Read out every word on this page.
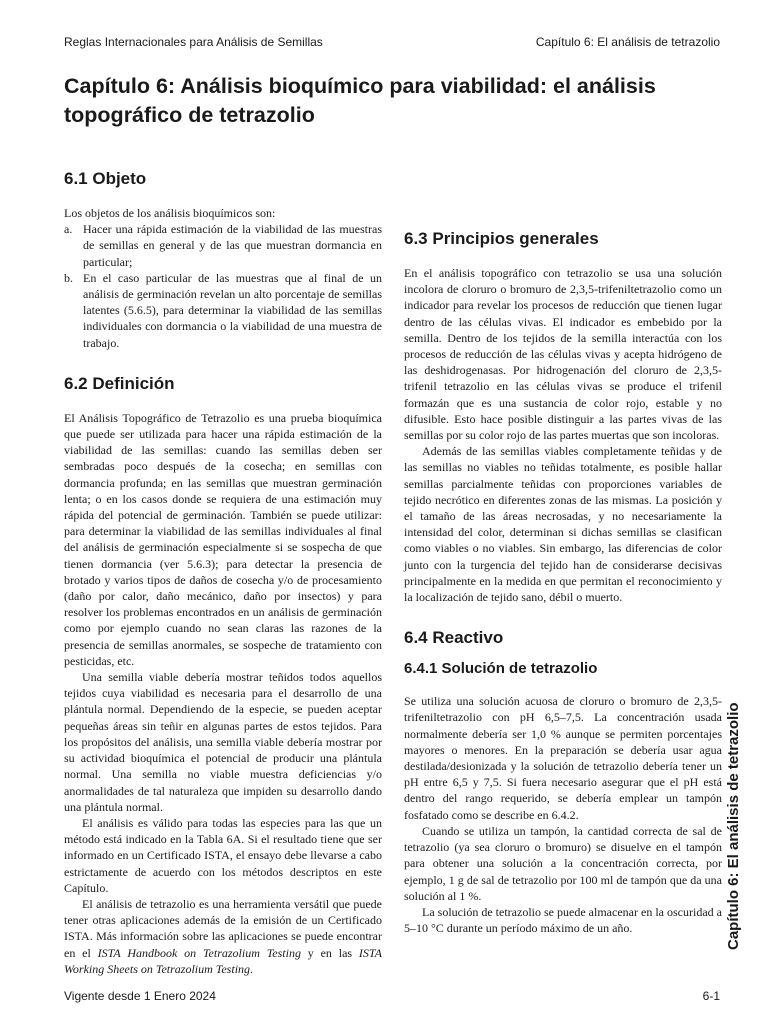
Reglas Internacionales para Análisis de Semillas	Capítulo 6: El análisis de tetrazolio
Capítulo 6: Análisis bioquímico para viabilidad: el análisis topográfico de tetrazolio
6.1 Objeto

Los objetos de los análisis bioquímicos son:

a. Hacer una rápida estimación de la viabilidad de las muestras de semillas en general y de las que muestran dormancia en particular;
b. En el caso particular de las muestras que al final de un análisis de germinación revelan un alto porcentaje de semillas latentes (5.6.5), para determinar la viabilidad de las semillas individuales con dormancia o la viabilidad de una muestra de trabajo.
6.2 Definición

El Análisis Topográfico de Tetrazolio es una prueba bioquímica que puede ser utilizada para hacer una rápida estimación de la viabilidad de las semillas: cuando las semillas deben ser sembradas poco después de la cosecha; en semillas con dormancia profunda; en las semillas que muestran germinación lenta; o en los casos donde se requiera de una estimación muy rápida del potencial de germinación. También se puede utilizar: para determinar la viabilidad de las semillas individuales al final del análisis de germinación especialmente si se sospecha de que tienen dormancia (ver 5.6.3); para detectar la presencia de brotado y varios tipos de daños de cosecha y/o de procesamiento (daño por calor, daño mecánico, daño por insectos) y para resolver los problemas encontrados en un análisis de germinación como por ejemplo cuando no sean claras las razones de la presencia de semillas anormales, se sospeche de tratamiento con pesticidas, etc.

Una semilla viable debería mostrar teñidos todos aquellos tejidos cuya viabilidad es necesaria para el desarrollo de una plántula normal. Dependiendo de la especie, se pueden aceptar pequeñas áreas sin teñir en algunas partes de estos tejidos. Para los propósitos del análisis, una semilla viable debería mostrar por su actividad bioquímica el potencial de producir una plántula normal. Una semilla no viable muestra deficiencias y/o anormalidades de tal naturaleza que impiden su desarrollo dando una plántula normal.

El análisis es válido para todas las especies para las que un método está indicado en la Tabla 6A. Si el resultado tiene que ser informado en un Certificado ISTA, el ensayo debe llevarse a cabo estrictamente de acuerdo con los métodos descriptos en este Capítulo.

El análisis de tetrazolio es una herramienta versátil que puede tener otras aplicaciones además de la emisión de un Certificado ISTA. Más información sobre las aplicaciones se puede encontrar en el ISTA Handbook on Tetrazolium Testing y en las ISTA Working Sheets on Tetrazolium Testing.

6.3 Principios generales

En el análisis topográfico con tetrazolio se usa una solución incolora de cloruro o bromuro de 2,3,5-trifeniltetrazolio como un indicador para revelar los procesos de reducción que tienen lugar dentro de las células vivas. El indicador es embebido por la semilla. Dentro de los tejidos de la semilla interactúa con los procesos de reducción de las células vivas y acepta hidrógeno de las deshidrogenasas. Por hidrogenación del cloruro de 2,3,5-trifenil tetrazolio en las células vivas se produce el trifenil formazán que es una sustancia de color rojo, estable y no difusible. Esto hace posible distinguir a las partes vivas de las semillas por su color rojo de las partes muertas que son incoloras.

Además de las semillas viables completamente teñidas y de las semillas no viables no teñidas totalmente, es posible hallar semillas parcialmente teñidas con proporciones variables de tejido necrótico en diferentes zonas de las mismas. La posición y el tamaño de las áreas necrosadas, y no necesariamente la intensidad del color, determinan si dichas semillas se clasifican como viables o no viables. Sin embargo, las diferencias de color junto con la turgencia del tejido han de considerarse decisivas principalmente en la medida en que permitan el reconocimiento y la localización de tejido sano, débil o muerto.

6.4 Reactivo
6.4.1 Solución de tetrazolio

Se utiliza una solución acuosa de cloruro o bromuro de 2,3,5-trifeniltetrazolio con pH 6,5–7,5. La concentración usada normalmente debería ser 1,0 % aunque se permiten porcentajes mayores o menores. En la preparación se debería usar agua destilada/desionizada y la solución de tetrazolio debería tener un pH entre 6,5 y 7,5. Si fuera necesario asegurar que el pH está dentro del rango requerido, se debería emplear un tampón fosfatado como se describe en 6.4.2.

Cuando se utiliza un tampón, la cantidad correcta de sal de tetrazolio (ya sea cloruro o bromuro) se disuelve en el tampón para obtener una solución a la concentración correcta, por ejemplo, 1 g de sal de tetrazolio por 100 ml de tampón que da una solución al 1 %.

La solución de tetrazolio se puede almacenar en la oscuridad a 5–10 °C durante un período máximo de un año.	Capítulo 6: El análisis de tetrazolio
Vigente desde 1 Enero 2024	6-1
